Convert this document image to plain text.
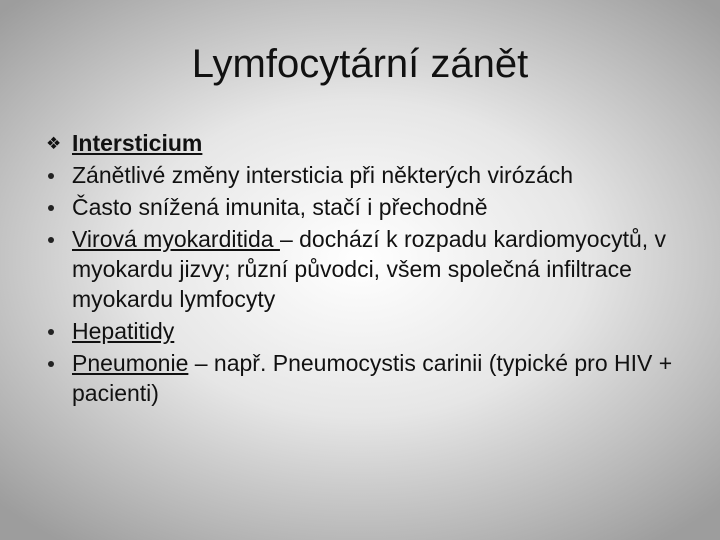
Lymfocytární zánět
❖ Intersticium
Zánětlivé změny intersticia při některých virózách
Často snížená imunita, stačí i přechodně
Virová myokarditida – dochází k rozpadu kardiomyocytů, v myokardu jizvy; různí původci, všem společná infiltrace myokardu lymfocyty
Hepatitidy
Pneumonie – např. Pneumocystis carinii (typické pro HIV + pacienti)
